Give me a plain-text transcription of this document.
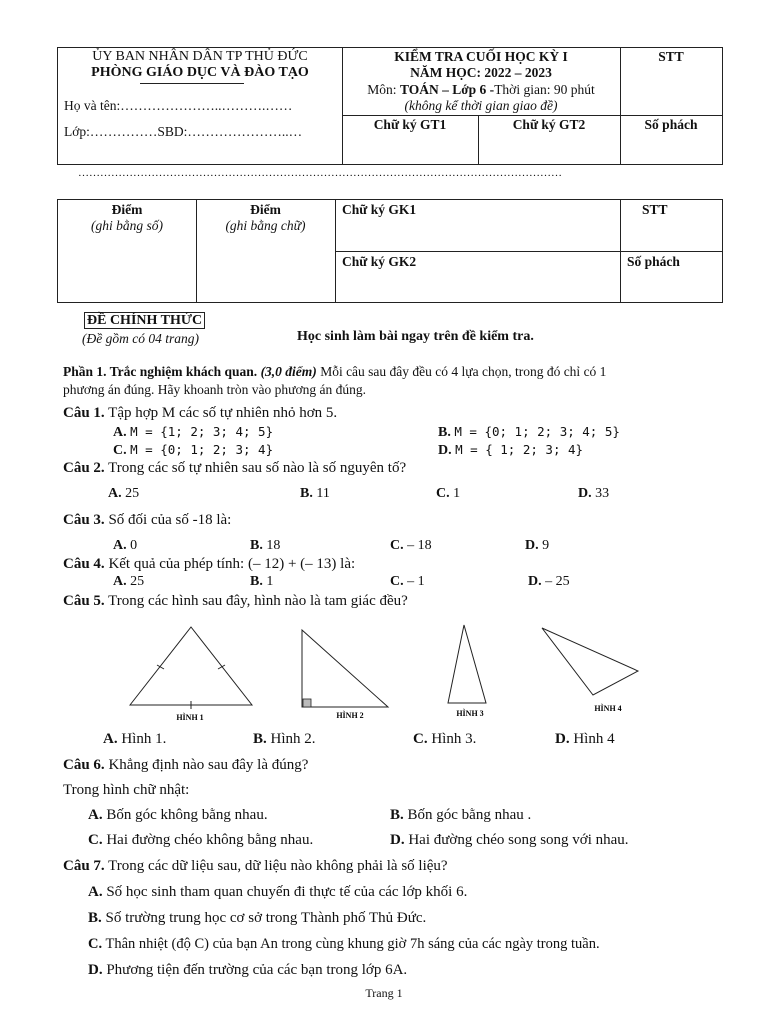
ỦY BAN NHÂN DÂN TP THỦ ĐỨC
PHÒNG GIÁO DỤC VÀ ĐÀO TẠO
Họ và tên:…………………..……….……
Lớp:……………SBD:…………………..…
KIỂM TRA CUỐI HỌC KỲ I
NĂM HỌC: 2022 – 2023
Môn: TOÁN – Lớp 6 -Thời gian: 90 phút
(không kể thời gian giao đề)
STT
Chữ ký GT1	Chữ ký GT2	Số phách
……………………………………………………………………………………………………………………
Điểm
(ghi bằng số)
Điểm
(ghi bằng chữ)
Chữ ký GK1	STT
Chữ ký GK2	Số phách
ĐỀ CHÍNH THỨC
(Đề gồm có 04 trang)	Học sinh làm bài ngay trên đề kiểm tra.
Phần 1. Trắc nghiệm khách quan. (3,0 điểm) Mỗi câu sau đây đều có 4 lựa chọn, trong đó chỉ có 1
phương án đúng. Hãy khoanh tròn vào phương án đúng.
Câu 1. Tập hợp M các số tự nhiên nhỏ hơn 5.
A. M = {1; 2; 3; 4; 5}	B. M = {0; 1; 2; 3; 4; 5}
C. M = {0; 1; 2; 3; 4}	D. M = { 1; 2; 3; 4}
Câu 2. Trong các số tự nhiên sau số nào là số nguyên tố?
A. 25	B. 11	C. 1	D. 33
Câu 3. Số đối của số -18 là:
A. 0	B. 18	C. – 18	D. 9
Câu 4. Kết quả của phép tính: (– 12) + (– 13) là:
A. 25	B. 1	C. – 1	D. – 25
Câu 5. Trong các hình sau đây, hình nào là tam giác đều?
HÌNH 1	HÌNH 2	HÌNH 3
HÌNH 4
A. Hình 1.	B. Hình 2.	C. Hình 3.	D. Hình 4
Câu 6. Khẳng định nào sau đây là đúng?
Trong hình chữ nhật:
A. Bốn góc không bằng nhau.	B. Bốn góc bằng nhau .
C. Hai đường chéo không bằng nhau.	D. Hai đường chéo song song với nhau.
Câu 7. Trong các dữ liệu sau, dữ liệu nào không phải là số liệu?
A. Số học sinh tham quan chuyến đi thực tế của các lớp khối 6.
B. Số trường trung học cơ sở trong Thành phố Thủ Đức.
C. Thân nhiệt (độ C) của bạn An trong cùng khung giờ 7h sáng của các ngày trong tuần.
D. Phương tiện đến trường của các bạn trong lớp 6A.
Trang 1
